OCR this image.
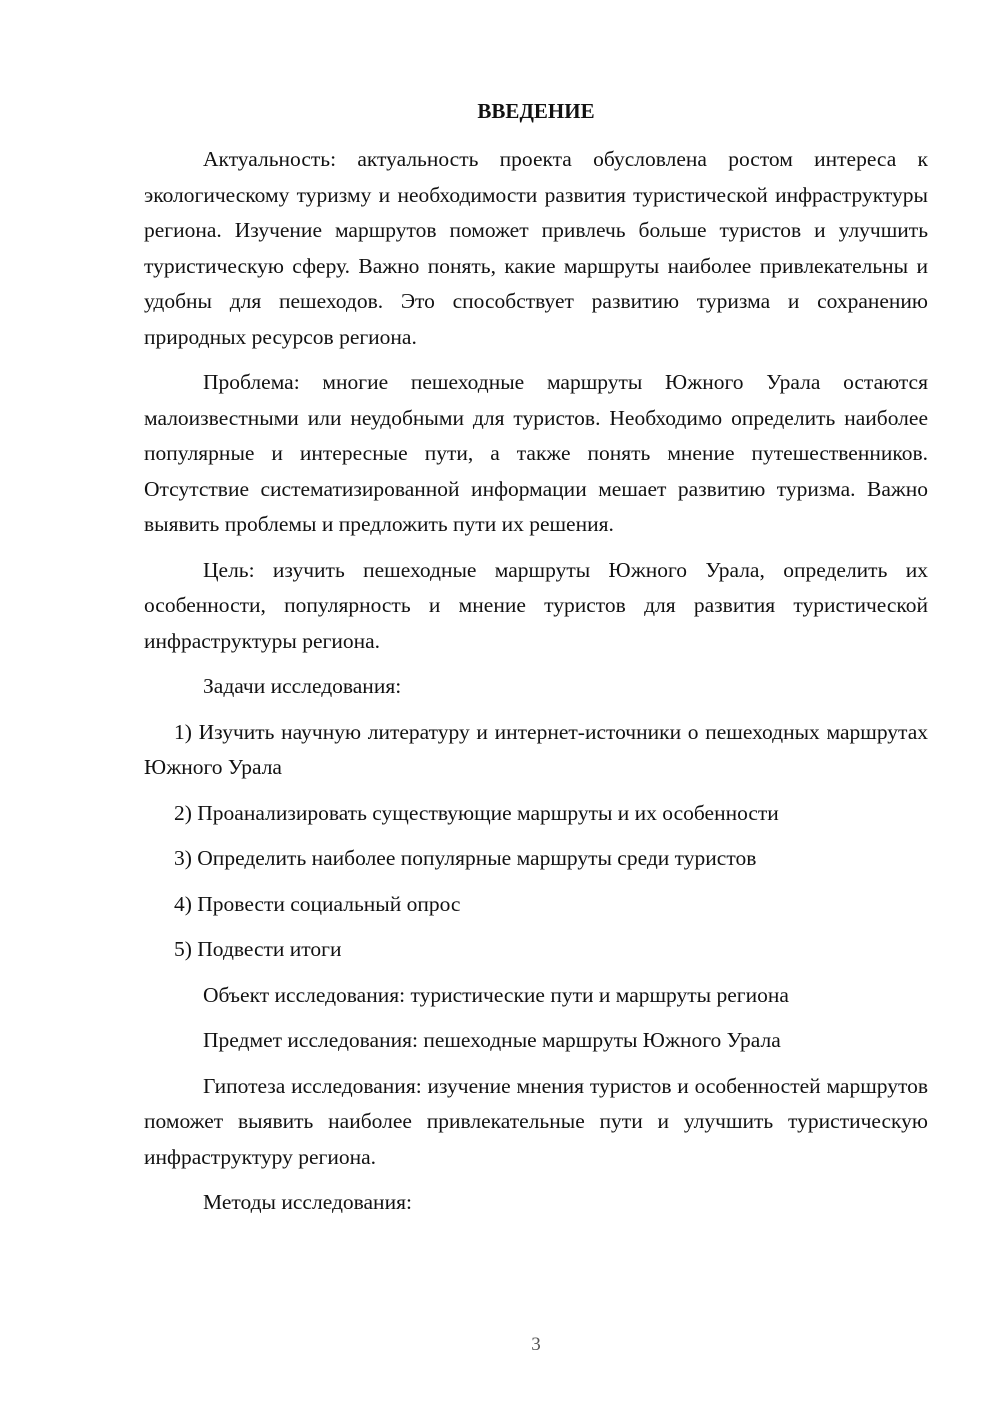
ВВЕДЕНИЕ

Актуальность: актуальность проекта обусловлена ростом интереса к экологическому туризму и необходимости развития туристической инфраструктуры региона. Изучение маршрутов поможет привлечь больше туристов и улучшить туристическую сферу. Важно понять, какие маршруты наиболее привлекательны и удобны для пешеходов. Это способствует развитию туризма и сохранению природных ресурсов региона.

Проблема: многие пешеходные маршруты Южного Урала остаются малоизвестными или неудобными для туристов. Необходимо определить наиболее популярные и интересные пути, а также понять мнение путешественников. Отсутствие систематизированной информации мешает развитию туризма. Важно выявить проблемы и предложить пути их решения.

Цель: изучить пешеходные маршруты Южного Урала, определить их особенности, популярность и мнение туристов для развития туристической инфраструктуры региона.

Задачи исследования:

1) Изучить научную литературу и интернет-источники о пешеходных маршрутах Южного Урала

2) Проанализировать существующие маршруты и их особенности

3) Определить наиболее популярные маршруты среди туристов

4) Провести социальный опрос

5) Подвести итоги

Объект исследования: туристические пути и маршруты региона

Предмет исследования: пешеходные маршруты Южного Урала

Гипотеза исследования: изучение мнения туристов и особенностей маршрутов поможет выявить наиболее привлекательные пути и улучшить туристическую инфраструктуру региона.

Методы исследования:

3
